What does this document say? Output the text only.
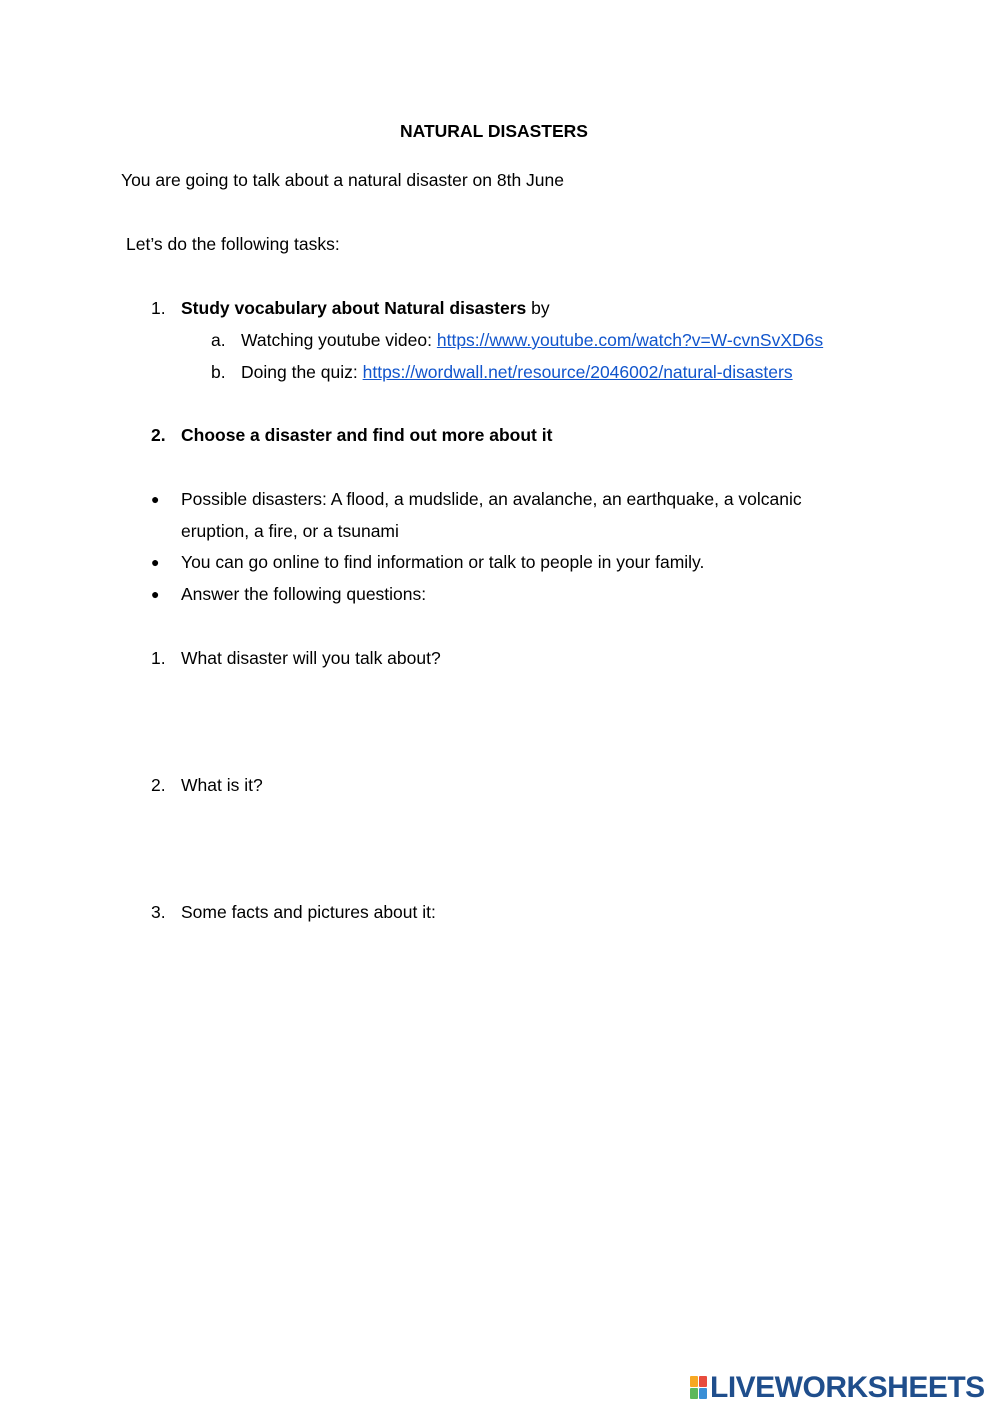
NATURAL DISASTERS
You are going to talk about a natural disaster on 8th June
Let’s do the following tasks:
1. Study vocabulary about Natural disasters by
a. Watching youtube video: https://www.youtube.com/watch?v=W-cvnSvXD6s
b. Doing the quiz: https://wordwall.net/resource/2046002/natural-disasters
2. Choose a disaster and find out more about it
● Possible disasters: A flood, a mudslide, an avalanche, an earthquake, a volcanic
eruption, a fire, or a tsunami
● You can go online to find information or talk to people in your family.
● Answer the following questions:
1. What disaster will you talk about?
2. What is it?
3. Some facts and pictures about it:
LIVEWORKSHEETS
